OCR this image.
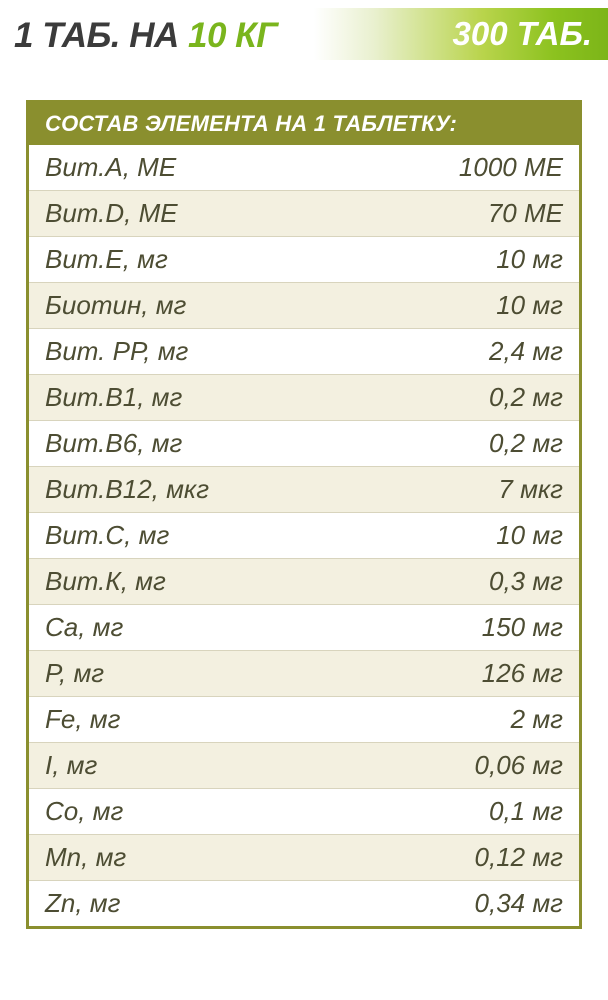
1 ТАБ. НА 10 КГ	300 ТАБ.
СОСТАВ ЭЛЕМЕНТА НА 1 ТАБЛЕТКУ:
Вит.А, МЕ	1000 МЕ
Вит.D, МЕ	70 МЕ
Вит.Е, мг	10 мг
Биотин, мг	10 мг
Вит. РР, мг	2,4 мг
Вит.В1, мг	0,2 мг
Вит.В6, мг	0,2 мг
Вит.В12, мкг	7 мкг
Вит.С, мг	10 мг
Вит.К, мг	0,3 мг
Ca, мг	150 мг
P, мг	126 мг
Fe, мг	2 мг
I, мг	0,06 мг
Co, мг	0,1 мг
Mn, мг	0,12 мг
Zn, мг	0,34 мг
